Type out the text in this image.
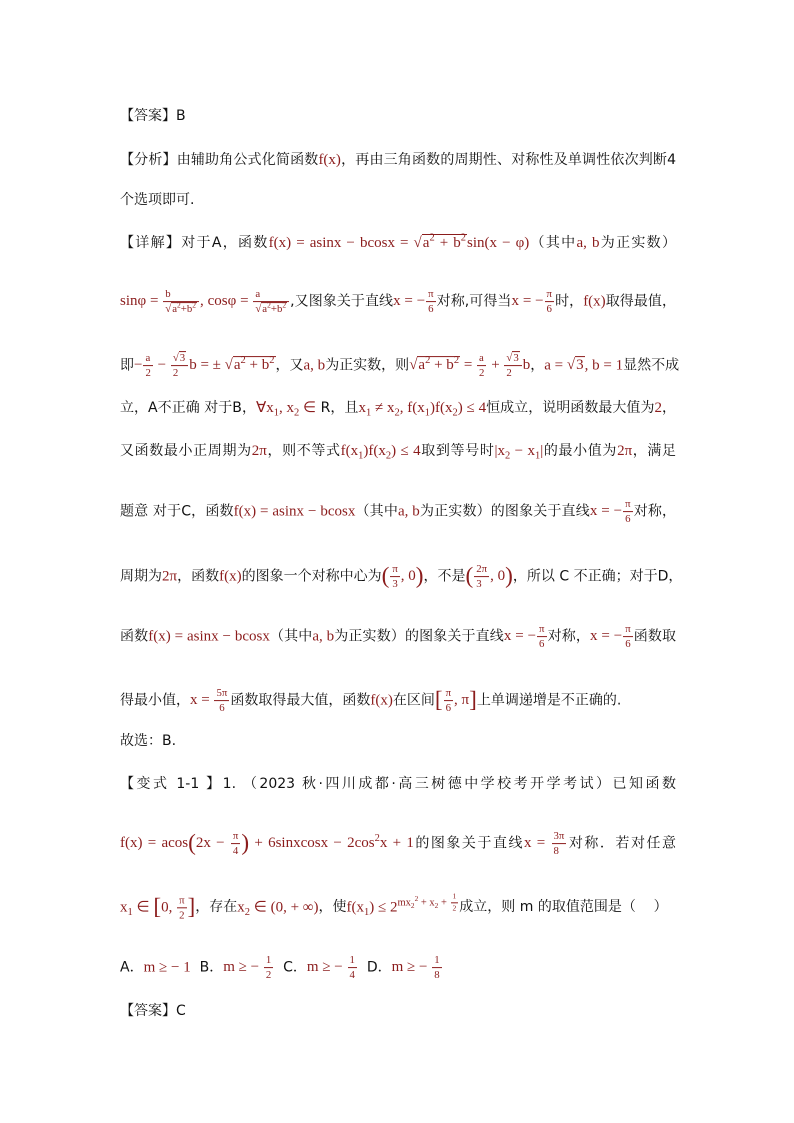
【答案】B
【分析】由辅助角公式化简函数f(x)，再由三角函数的周期性、对称性及单调性依次判断4
个选项即可.
【详解】对于A，函数f(x) = asinx − bcosx = √ $a^2 + b^2\sin(x - \varphi)$（其中a, b为正实数）
sinφ = b
√ $a^2+b^2$ , cosφ = a
√ $a^2+b^2$ ,又图象关于直线x = − $\frac{\pi}{6}$ 对称,可得当x = − $\frac{\pi}{6}$ 时，f(x)取得最值，
即− $\frac{a}{2}$ − √ $\frac{3}{2}$ b = ± √ $a^2 + b^2$，又a, b为正实数，则 √ $a^2 + b^2 = \frac{a}{2}$ + √ $\frac{3}{2}$ b，a = √ 3, b = 1显然不成
立，A不正确 对于B，$\forall x_1$, $x_2$ ∈ R，且$x_1 \ne x_2$, $f(x_1)f(x_2) \le 4$恒成立，说明函数最大值为2，
又函数最小正周期为2π，则不等式$f(x_1)f(x_2) \le 4$取到等号时$|x_2 - x_1|$的最小值为2π，满足
题意 对于C，函数f(x) = asinx − bcosx（其中a, b为正实数）的图象关于直线x = − $\frac{\pi}{6}$ 对称，
周期为2π，函数f(x)的图象一个对称中心为( $\frac{\pi}{3}$ , 0)，不是( $\frac{2\pi}{3}$ , 0)，所以 C 不正确；对于D，
函数f(x) = asinx − bcosx（其中a, b为正实数）的图象关于直线x = − $\frac{\pi}{6}$ 对称，x = − $\frac{\pi}{6}$ 函数取
得最小值，$x = \frac{5\pi}{6}$ 函数取得最大值，函数f(x)在区间[ $\frac{\pi}{6}$ , π]上单调递增是不正确的.
故选：B.
【变式 1-1 】1. （2023 秋·四川成都·高三树德中学校考开学考试）已知函数
$f(x) = acos(2x - \frac{\pi}{4}$ ) + 6sinxcosx − $2\cos^2x + 1$的图象关于直线$x = \frac{3\pi}{8}$ 对称．若对任意
$x_1$ ∈ [0, $\frac{\pi}{2}$ ]，存在$x_2$ ∈ (0, + ∞)，使$f(x_1) \le 2^{mx_2^2 + x_2 + \frac{1}{2}}$ 成立，则 m 的取值范围是（    ）
A．m ≥ − 1  B．m ≥ − $\frac{1}{2}$ C．m ≥ − $\frac{1}{4}$ D．m ≥ − $\frac{1}{8}$
【答案】C
